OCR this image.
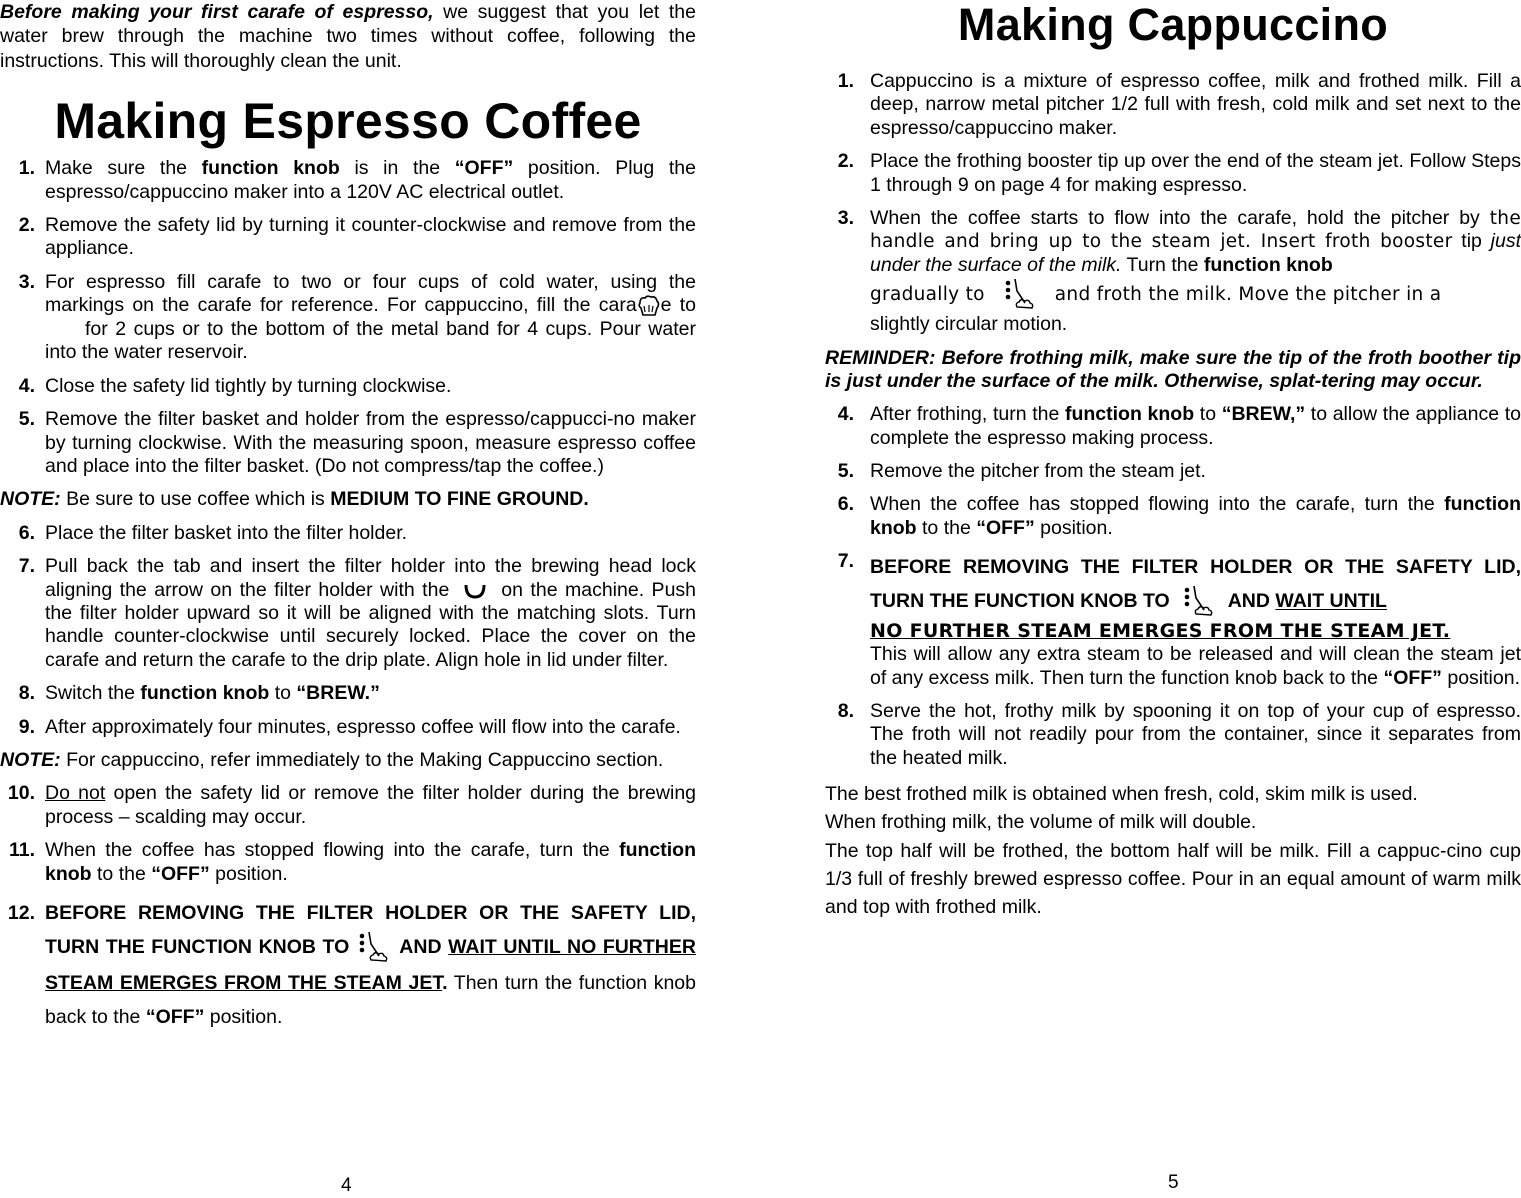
Before making your first carafe of espresso, we suggest that you let the water brew through the machine two times without coffee, following the instructions. This will thoroughly clean the unit.

Making Espresso Coffee
1. Make sure the function knob is in the “OFF” position. Plug the espresso/cappuccino maker into a 120V AC electrical outlet.
2. Remove the safety lid by turning it counter-clockwise and remove from the appliance.
3. For espresso fill carafe to two or four cups of cold water, using the markings on the carafe for reference. For cappuccino, fill the cara e tofor 2 cups or to the bottom of the metal band for 4 cups. Pour water into the water reservoir.
4. Close the safety lid tightly by turning clockwise.
5. Remove the filter basket and holder from the espresso/cappucci-no maker by turning clockwise. With the measuring spoon, measure espresso coffee and place into the filter basket. (Do not compress/tap the coffee.)

NOTE: Be sure to use coffee which is MEDIUM TO FINE GROUND.

6. Place the filter basket into the filter holder.
7. Pull back the tab and insert the filter holder into the brewing head lock aligning the arrow on the filter holder with the	on the machine. Push the filter holder upward so it will be aligned with the matching slots. Turn handle counter-clockwise until securely locked. Place the cover on the carafe and return the carafe to the drip plate. Align hole in lid under filter.
8. Switch the function knob to “BREW.”
9. After approximately four minutes, espresso coffee will flow into the carafe.

NOTE: For cappuccino, refer immediately to the Making Cappuccino section.

10. Do not open the safety lid or remove the filter holder during the brewing process – scalding may occur.
11. When the coffee has stopped flowing into the carafe, turn the function knob to the “OFF” position.
12. BEFORE REMOVING THE FILTER HOLDER OR THE SAFETY LID, TURN THE FUNCTION KNOB TO	AND WAIT UNTIL NO FURTHER STEAM EMERGES FROM THE STEAM JET. Then turn the function knob back to the “OFF” position.
4
Making Cappuccino
1. Cappuccino is a mixture of espresso coffee, milk and frothed milk. Fill a deep, narrow metal pitcher 1/2 full with fresh, cold milk and set next to the espresso/cappuccino maker.
2. Place the frothing booster tip up over the end of the steam jet. Follow Steps 1 through 9 on page 4 for making espresso.
3. When the coffee starts to flow into the carafe, hold the pitcher by the handle and bring up to the steam jet. Insert froth booster tip just under the surface of the milk. Turn the function knob
gradually to	and froth the milk. Move the pitcher in a
slightly circular motion.

REMINDER: Before frothing milk, make sure the tip of the froth boother tip is just under the surface of the milk. Otherwise, splat-tering may occur.

4. After frothing, turn the function knob to “BREW,” to allow the appliance to complete the espresso making process.
5. Remove the pitcher from the steam jet.
6. When the coffee has stopped flowing into the carafe, turn the function knob to the “OFF” position.
7. BEFORE REMOVING THE FILTER HOLDER OR THE SAFETY LID, TURN THE FUNCTION KNOB TO	AND WAIT UNTIL
NO FURTHER STEAM EMERGES FROM THE STEAM JET.
This will allow any extra steam to be released and will clean the steam jet of any excess milk. Then turn the function knob back to the “OFF” position.
8. Serve the hot, frothy milk by spooning it on top of your cup of espresso. The froth will not readily pour from the container, since it separates from the heated milk.

The best frothed milk is obtained when fresh, cold, skim milk is used.

When frothing milk, the volume of milk will double.

The top half will be frothed, the bottom half will be milk. Fill a cappuc-cino cup 1/3 full of freshly brewed espresso coffee. Pour in an equal amount of warm milk and top with frothed milk.

5
